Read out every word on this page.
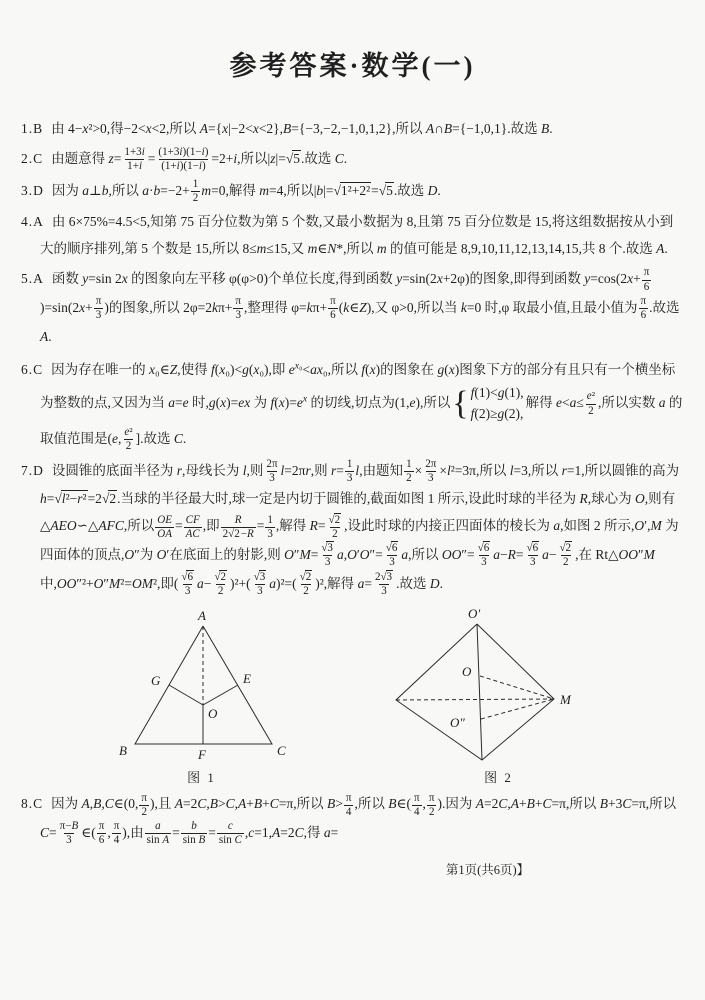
参考答案·数学(一)
1.B 由 4−x²>0,得−2<x<2,所以 A={x|−2<x<2},B={−3,−2,−1,0,1,2},所以 A∩B={−1,0,1}.故选 B.
2.C 由题意得 $z= \frac{1+3i}{1+i} = \frac{(1+3i)(1-i)}{(1+i)(1-i)} =2+i$,所以|z|=√5.故选 C.
3.D 因为 a⊥b,所以 $a\cdot b=-2+ \frac{1}{2} m=0$,解得 m=4,所以|b|=√1²+2²=√5.故选 D.
4.A 由 6×75%=4.5<5,知第 75 百分位数为第 5 个数,又最小数据为 8,且第 75 百分位数是 15,将这组数据按从小到大的顺序排列,第 5 个数是 15,所以 8≤m≤15,又 m∈N*,所以 m 的值可能是 8,9,10,11,12,13,14,15,共 8 个.故选 A.
5.A 函数 y=sin 2x 的图象向左平移 φ(φ>0)个单位长度,得到函数 y=sin(2x+2φ)的图象,即得到函数 $y=\cos(2x+ \frac{\pi}{6}$
)$=\sin(2x+ \frac{\pi}{3}$ )的图象,所以 $2\varphi=2k\pi+ \frac{\pi}{3}$ ,整理得 $\varphi=k\pi+ \frac{\pi}{6}$ (k∈Z),又 φ>0,所以当 k=0 时,φ 取最小值,且最小值为 $\frac{\pi}{6}$ .故选 A.
6.C 因为存在唯一的 x₀∈Z,使得 f(x₀)<g(x₀),即 $e^{x_0}<ax_0$,所以 f(x)的图象在 g(x)图象下方的部分有且只有一个横坐标为整数的点,又因为当 a=e 时,g(x)=ex 为 $f(x)=e^x$ 的切线,切点为(1,e),所以 { f(1)<g(1),
f(2)≥g(2),
解得 $e<a\le \frac{\text{e²}}{2}$ ,所以实数 a 的取值范围是(e, $\frac{\text{e²}}{2}$ ].故选 C.
7.D 设圆锥的底面半径为 r,母线长为 l,则 $\frac{2\pi}{3} l=2\pi r$,则 $r= \frac{1}{3} l$,由题知 $\frac{1}{2} \times \frac{2\pi}{3} \times l^2=3\pi$,所以 l=3,所以 r=1,所以圆锥的高为 h=√l²−r²=2√2.当球的半径最大时,球一定是内切于圆锥的,截面如图 1 所示,设此时球的半径为 R,球心为 O,则有△AEO∽△AFC,所以 $\frac{OE}{OA} = \frac{CF}{AC}$ ,即 $\frac{R}{2√2-R} = \frac{1}{3}$ ,解得 $R= \frac{√2}{2}$ ,设此时球的内接正四面体的棱长为 a,如图 2 所示,O′,M 为四面体的顶点,O″为 O′在底面上的射影,则 $O''M= \frac{√3}{3} a,O'O''= \frac{√6}{3} a$,所以 $OO''= \frac{√6}{3} a-R= \frac{√6}{3} a- \frac{√2}{2}$ ,在 Rt△OO″M 中,OO″²+O″M²=OM²,即( $\frac{√6}{3} a- \frac{√2}{2} )^2+( \frac{√3}{3} a)^2=( \frac{√2}{2} )^2$,解得 $a= \frac{2√3}{3}$ .故选 D.
A
B	C
G	E
O
F
图 1
O′
O
O″
M
图 2
8.C 因为 A,B,C∈(0, $\frac{\pi}{2}$ ),且 A=2C,B>C,A+B+C=π,所以 $B> \frac{\pi}{4}$ ,所以 B∈( $\frac{\pi}{4}$ , $\frac{\pi}{2}$ ).因为 A=2C,A+B+C=π,所以 B+3C=π,所以 $C= \frac{\pi-B}{3}$ ∈( $\frac{\pi}{6}$ , $\frac{\pi}{4}$ ),由 $\frac{a}{\text{sin A}} = \frac{b}{\text{sin B}} = \frac{c}{\text{sin C}} ,c=1,A=2C$,得 a=
第1页(共6页)】
